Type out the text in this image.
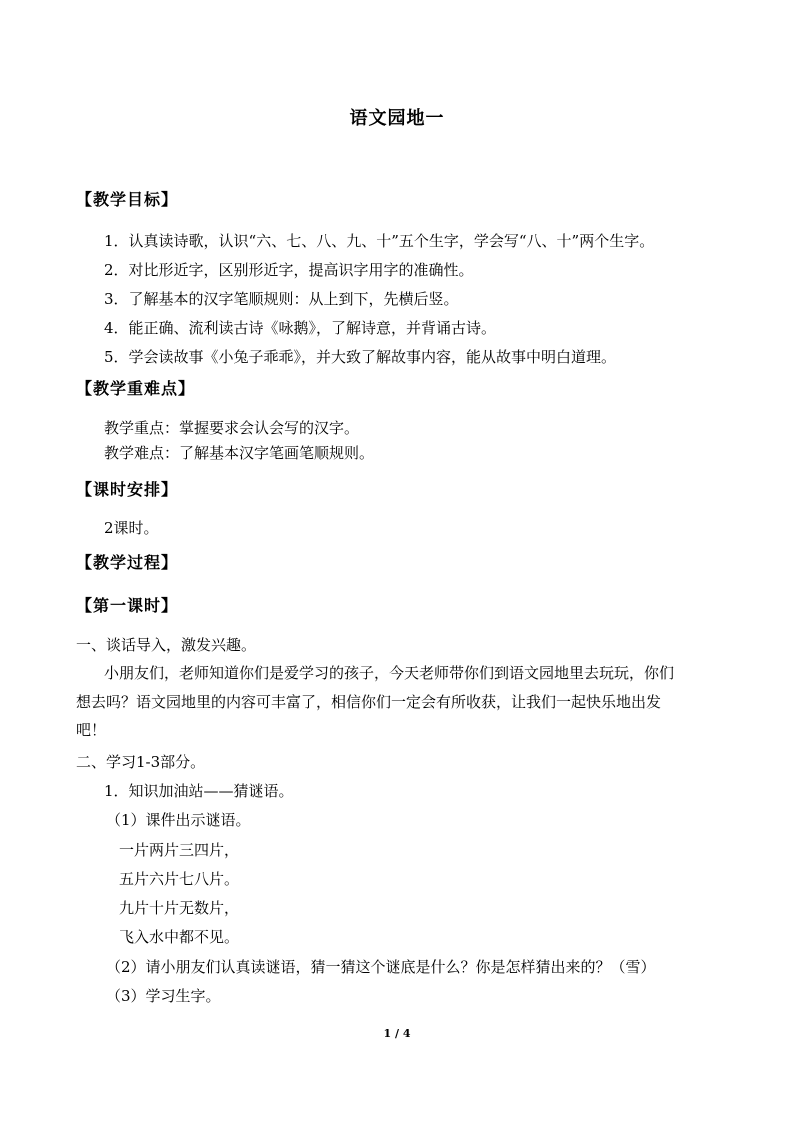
语文园地一
【教学目标】
1．认真读诗歌，认识“六、七、八、九、十”五个生字，学会写“八、十”两个生字。
2．对比形近字，区别形近字，提高识字用字的准确性。
3．了解基本的汉字笔顺规则：从上到下，先横后竖。
4．能正确、流利读古诗《咏鹅》，了解诗意，并背诵古诗。
5．学会读故事《小兔子乖乖》，并大致了解故事内容，能从故事中明白道理。
【教学重难点】
教学重点：掌握要求会认会写的汉字。
教学难点：了解基本汉字笔画笔顺规则。
【课时安排】
2课时。
【教学过程】
【第一课时】
一、谈话导入，激发兴趣。
小朋友们，老师知道你们是爱学习的孩子，今天老师带你们到语文园地里去玩玩，你们
想去吗？语文园地里的内容可丰富了，相信你们一定会有所收获，让我们一起快乐地出发
吧！
二、学习1-3部分。
1．知识加油站——猜谜语。
（1）课件出示谜语。
一片两片三四片，
五片六片七八片。
九片十片无数片，
飞入水中都不见。
（2）请小朋友们认真读谜语，猜一猜这个谜底是什么？你是怎样猜出来的？（雪）
（3）学习生字。
1 / 4
